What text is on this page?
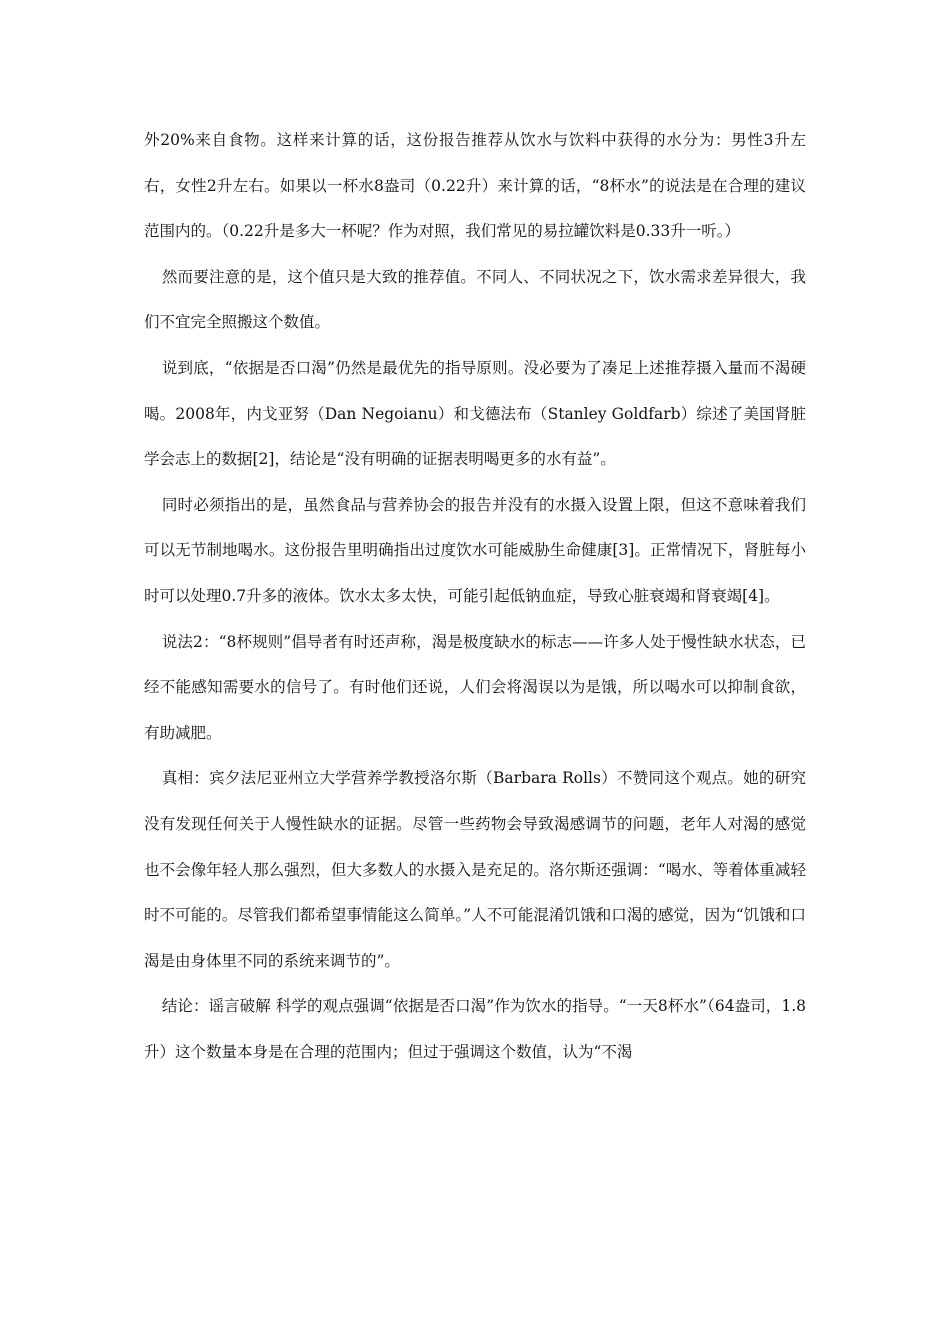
外20%来自食物。这样来计算的话，这份报告推荐从饮水与饮料中获得的水分为：男性3升左右，女性2升左右。如果以一杯水8盎司（0.22升）来计算的话，“8杯水”的说法是在合理的建议范围内的。（0.22升是多大一杯呢？作为对照，我们常见的易拉罐饮料是0.33升一听。）

然而要注意的是，这个值只是大致的推荐值。不同人、不同状况之下，饮水需求差异很大，我们不宜完全照搬这个数值。

说到底，“依据是否口渴”仍然是最优先的指导原则。没必要为了凑足上述推荐摄入量而不渴硬喝。2008年，内戈亚努（Dan Negoianu）和戈德法布（Stanley Goldfarb）综述了美国肾脏学会志上的数据[2]，结论是“没有明确的证据表明喝更多的水有益”。

同时必须指出的是，虽然食品与营养协会的报告并没有的水摄入设置上限，但这不意味着我们可以无节制地喝水。这份报告里明确指出过度饮水可能威胁生命健康[3]。正常情况下，肾脏每小时可以处理0.7升多的液体。饮水太多太快，可能引起低钠血症，导致心脏衰竭和肾衰竭[4]。

说法2：“8杯规则”倡导者有时还声称，渴是极度缺水的标志——许多人处于慢性缺水状态，已经不能感知需要水的信号了。有时他们还说，人们会将渴误以为是饿，所以喝水可以抑制食欲，有助减肥。

真相：宾夕法尼亚州立大学营养学教授洛尔斯（Barbara Rolls）不赞同这个观点。她的研究没有发现任何关于人慢性缺水的证据。尽管一些药物会导致渴感调节的问题，老年人对渴的感觉也不会像年轻人那么强烈，但大多数人的水摄入是充足的。洛尔斯还强调：“喝水、等着体重减轻时不可能的。尽管我们都希望事情能这么简单。”人不可能混淆饥饿和口渴的感觉，因为“饥饿和口渴是由身体里不同的系统来调节的”。

结论：谣言破解 科学的观点强调“依据是否口渴”作为饮水的指导。“一天8杯水”（64盎司，1.8升）这个数量本身是在合理的范围内；但过于强调这个数值，认为“不渴
